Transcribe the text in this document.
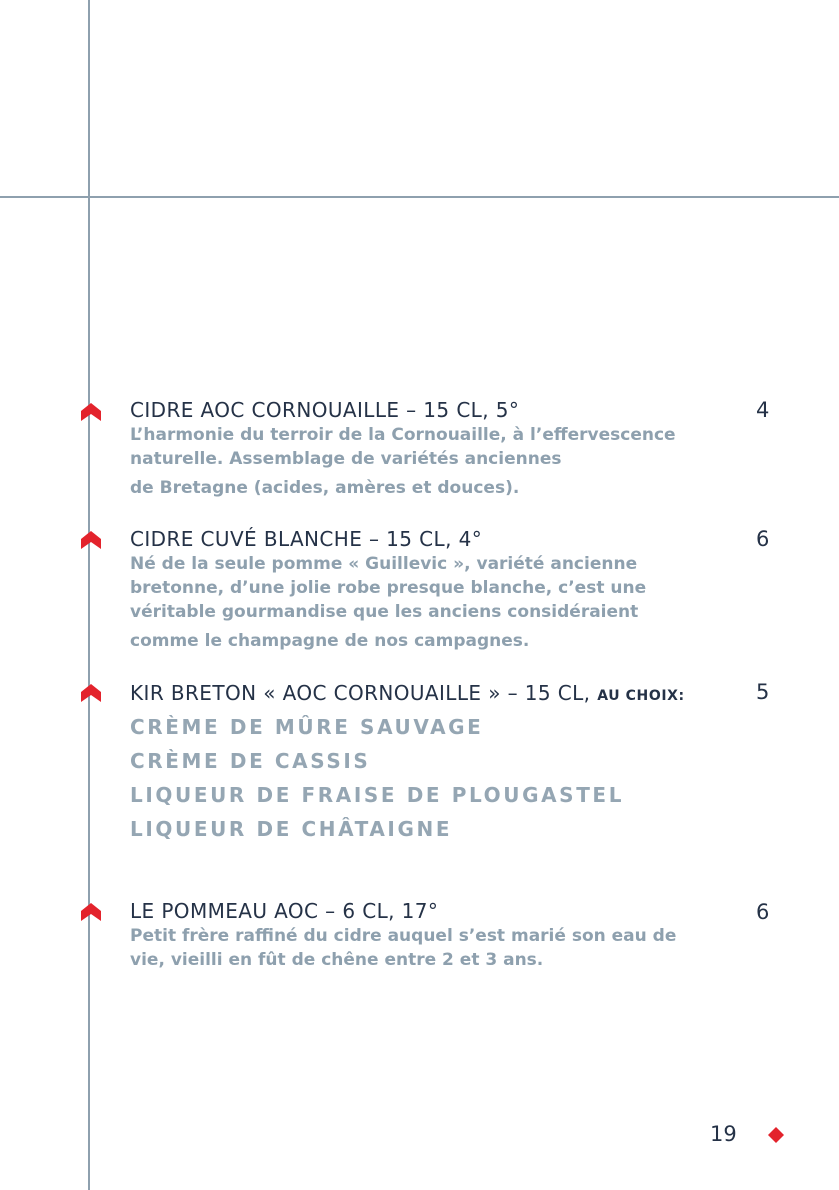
CIDRE AOC CORNOUAILLE – 15 CL, 5°	4
L’harmonie du terroir de la Cornouaille, à l’effervescence
naturelle. Assemblage de variétés anciennes
de Bretagne (acides, amères et douces).
CIDRE CUVÉ BLANCHE – 15 CL, 4°	6
Né de la seule pomme « Guillevic », variété ancienne
bretonne, d’une jolie robe presque blanche, c’est une
véritable gourmandise que les anciens considéraient
comme le champagne de nos campagnes.
KIR BRETON « AOC CORNOUAILLE » – 15 CL, AU CHOIX:	5
CRÈME DE MÛRE SAUVAGE
CRÈME DE CASSIS
LIQUEUR DE FRAISE DE PLOUGASTEL
LIQUEUR DE CHÂTAIGNE
LE POMMEAU AOC – 6 CL, 17°	6
Petit frère raffiné du cidre auquel s’est marié son eau de
vie, vieilli en fût de chêne entre 2 et 3 ans.
19
